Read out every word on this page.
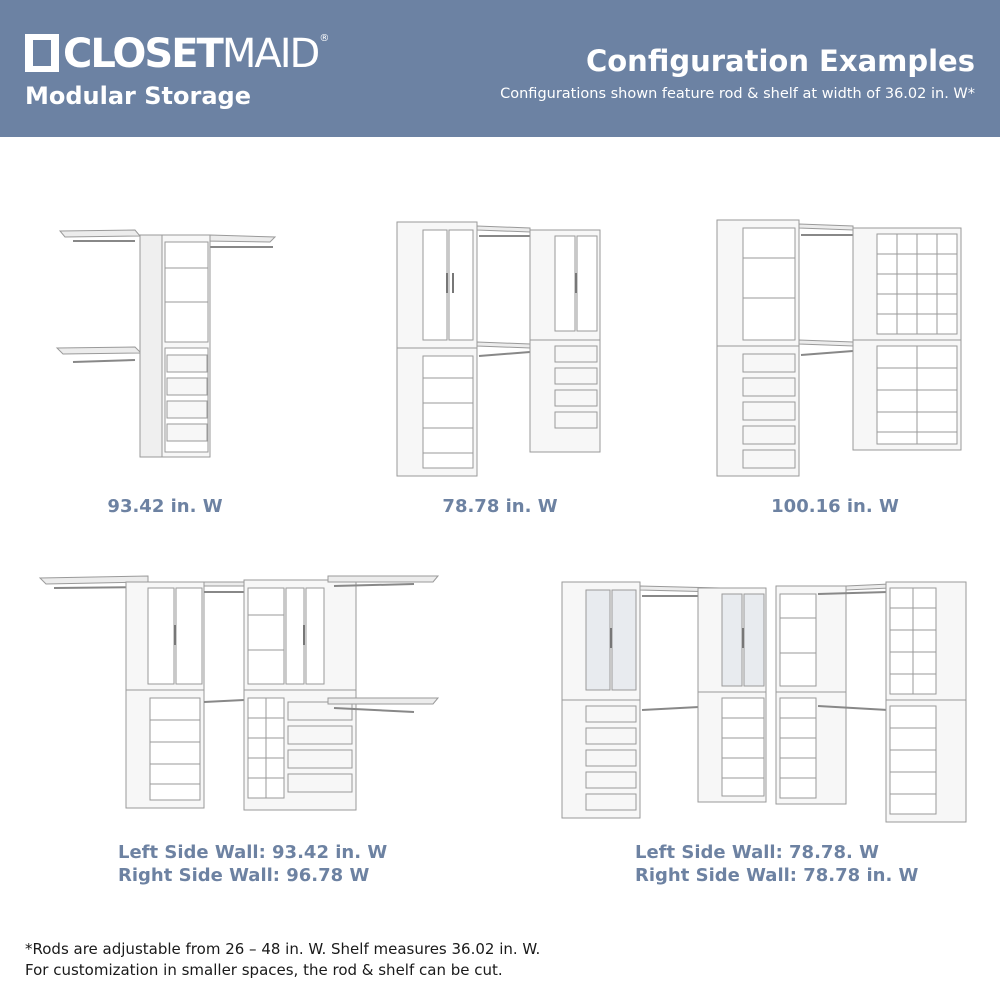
CLOSET MAID ®
Modular Storage
Configuration Examples
Configurations shown feature rod & shelf at width of 36.02 in. W*
93.42 in. W	78.78 in. W	100.16 in. W
Left Side Wall: 93.42 in. W
Right Side Wall: 96.78 W
Left Side Wall: 78.78. W
Right Side Wall: 78.78 in. W
*Rods are adjustable from 26 – 48 in. W. Shelf measures 36.02 in. W.
For customization in smaller spaces, the rod & shelf can be cut.
